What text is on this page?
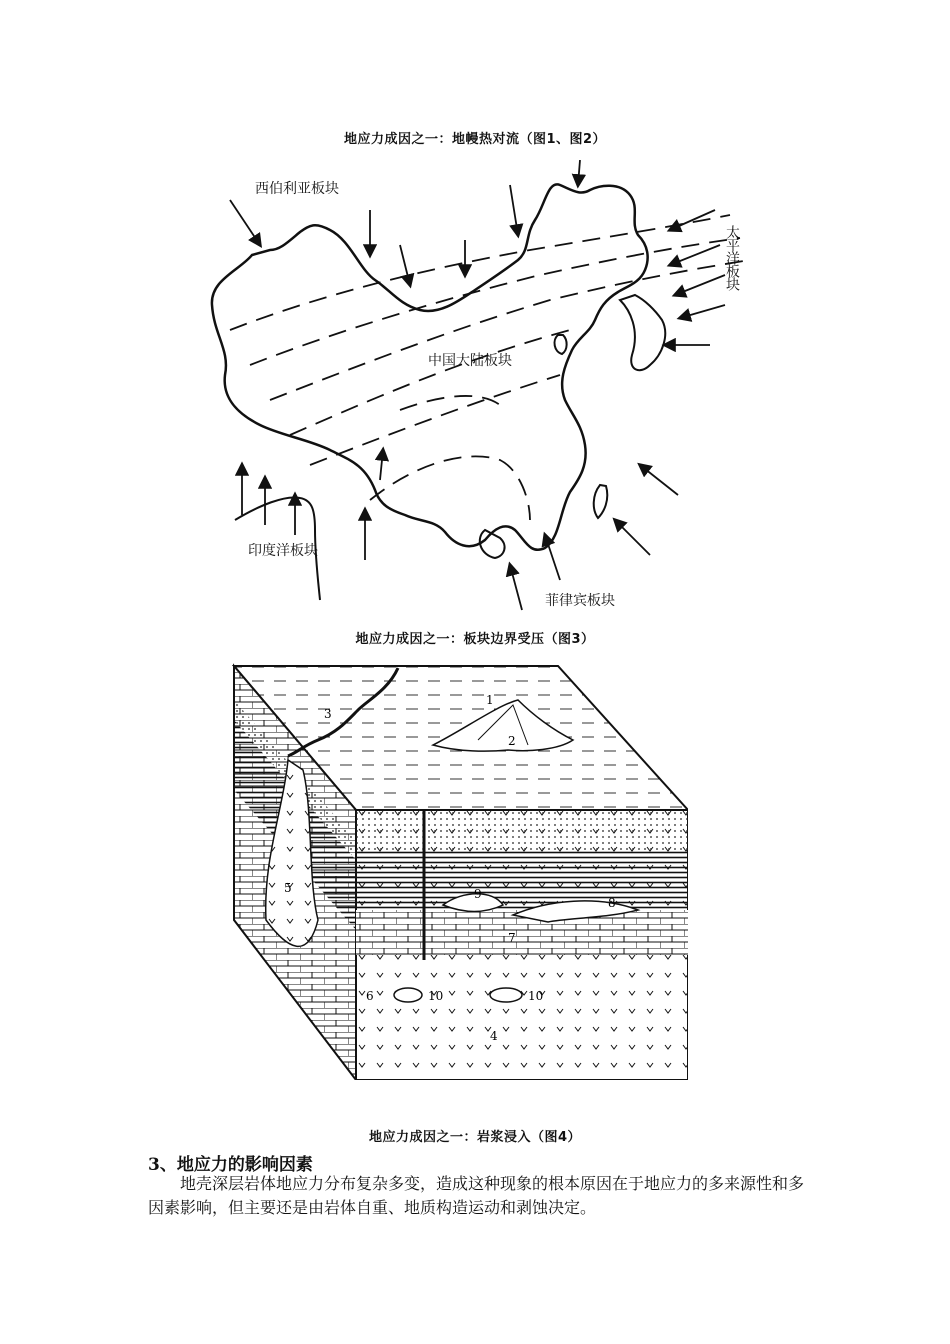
地应力成因之一：地幔热对流（图1、图2）
西伯利亚板块
太平洋板块
中国大陆板块
印度洋板块
菲律宾板块
地应力成因之一：板块边界受压（图3）
1
2
3
4
5
6
7
8
9
10	10
地应力成因之一：岩浆浸入（图4）
3、地应力的影响因素
地壳深层岩体地应力分布复杂多变，造成这种现象的根本原因在于地应力的多来源性和多因素影响，但主要还是由岩体自重、地质构造运动和剥蚀决定。
